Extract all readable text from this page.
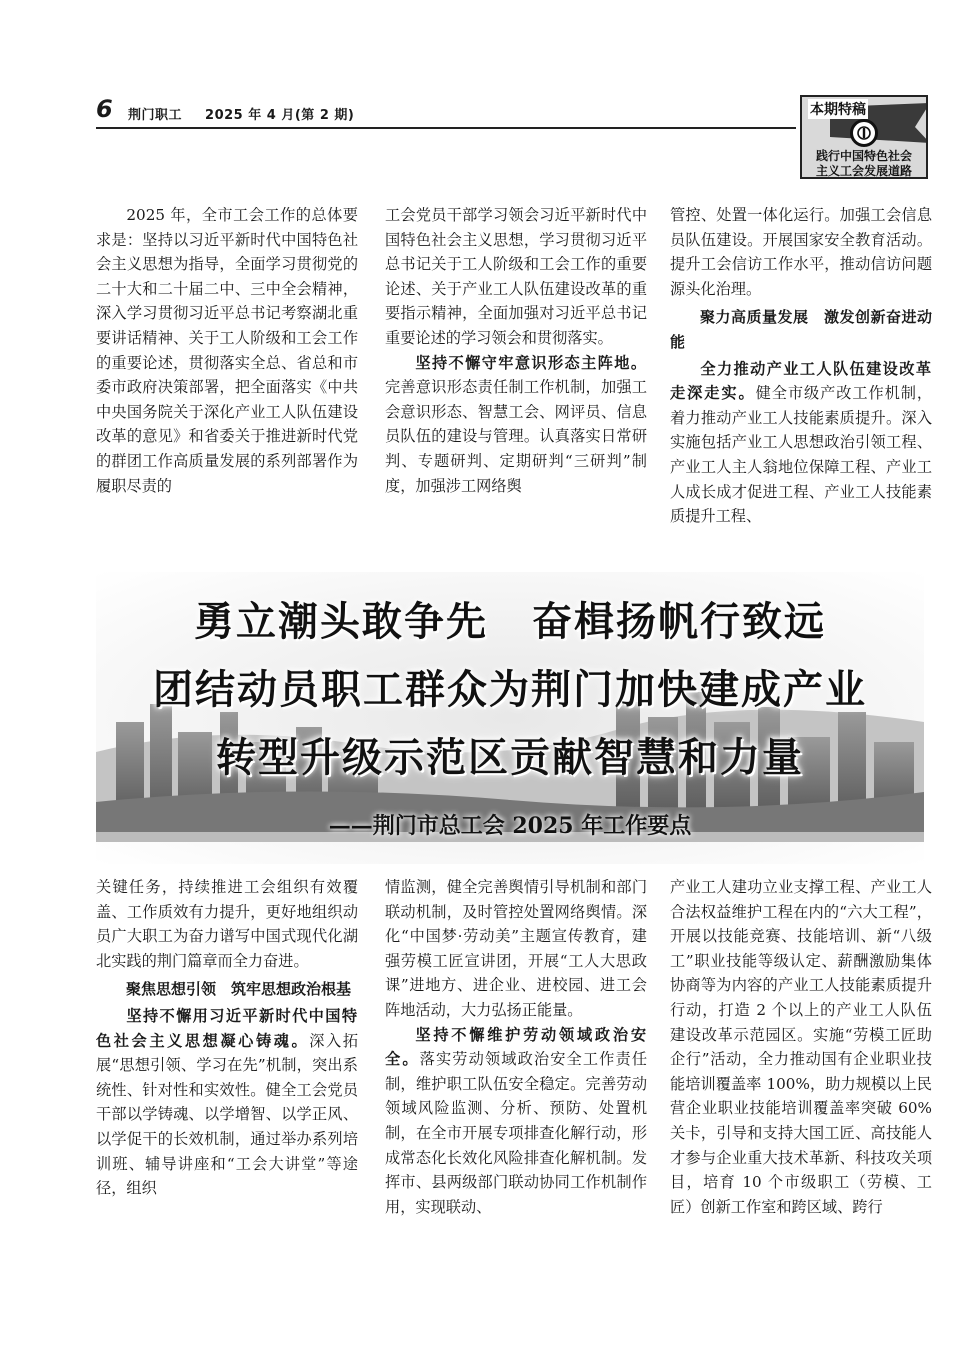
6 荆门职工 2025 年 4 月(第 2 期)	本期特稿
践行中国特色社会
主义工会发展道路

2025 年，全市工会工作的总体要求是：坚持以习近平新时代中国特色社会主义思想为指导，全面学习贯彻党的二十大和二十届二中、三中全会精神，深入学习贯彻习近平总书记考察湖北重要讲话精神、关于工人阶级和工会工作的重要论述，贯彻落实全总、省总和市委市政府决策部署，把全面落实《中共中央国务院关于深化产业工人队伍建设改革的意见》和省委关于推进新时代党的群团工作高质量发展的系列部署作为履职尽责的

工会党员干部学习领会习近平新时代中国特色社会主义思想，学习贯彻习近平总书记关于工人阶级和工会工作的重要论述、关于产业工人队伍建设改革的重要指示精神，全面加强对习近平总书记重要论述的学习领会和贯彻落实。

坚持不懈守牢意识形态主阵地。完善意识形态责任制工作机制，加强工会意识形态、智慧工会、网评员、信息员队伍的建设与管理。认真落实日常研判、专题研判、定期研判“三研判”制度，加强涉工网络舆

管控、处置一体化运行。加强工会信息员队伍建设。开展国家安全教育活动。提升工会信访工作水平，推动信访问题源头化治理。

聚力高质量发展　激发创新奋进动能

全力推动产业工人队伍建设改革走深走实。健全市级产改工作机制，着力推动产业工人技能素质提升。深入实施包括产业工人思想政治引领工程、产业工人主人翁地位保障工程、产业工人成长成才促进工程、产业工人技能素质提升工程、

勇立潮头敢争先 奋楫扬帆行致远
团结动员职工群众为荆门加快建成产业
转型升级示范区贡献智慧和力量
——荆门市总工会 2025 年工作要点

关键任务，持续推进工会组织有效覆盖、工作质效有力提升，更好地组织动员广大职工为奋力谱写中国式现代化湖北实践的荆门篇章而全力奋进。

聚焦思想引领　筑牢思想政治根基

坚持不懈用习近平新时代中国特色社会主义思想凝心铸魂。深入拓展“思想引领、学习在先”机制，突出系统性、针对性和实效性。健全工会党员干部以学铸魂、以学增智、以学正风、以学促干的长效机制，通过举办系列培训班、辅导讲座和“工会大讲堂”等途径，组织

情监测，健全完善舆情引导机制和部门联动机制，及时管控处置网络舆情。深化“中国梦·劳动美”主题宣传教育，建强劳模工匠宣讲团，开展“工人大思政课”进地方、进企业、进校园、进工会阵地活动，大力弘扬正能量。

坚持不懈维护劳动领域政治安全。落实劳动领域政治安全工作责任制，维护职工队伍安全稳定。完善劳动领域风险监测、分析、预防、处置机制，在全市开展专项排查化解行动，形成常态化长效化风险排查化解机制。发挥市、县两级部门联动协同工作机制作用，实现联动、

产业工人建功立业支撑工程、产业工人合法权益维护工程在内的“六大工程”，开展以技能竞赛、技能培训、新“八级工”职业技能等级认定、薪酬激励集体协商等为内容的产业工人技能素质提升行动，打造 2 个以上的产业工人队伍建设改革示范园区。实施“劳模工匠助企行”活动，全力推动国有企业职业技能培训覆盖率 100%，助力规模以上民营企业职业技能培训覆盖率突破 60%关卡，引导和支持大国工匠、高技能人才参与企业重大技术革新、科技攻关项目，培育 10 个市级职工（劳模、工匠）创新工作室和跨区域、跨行
